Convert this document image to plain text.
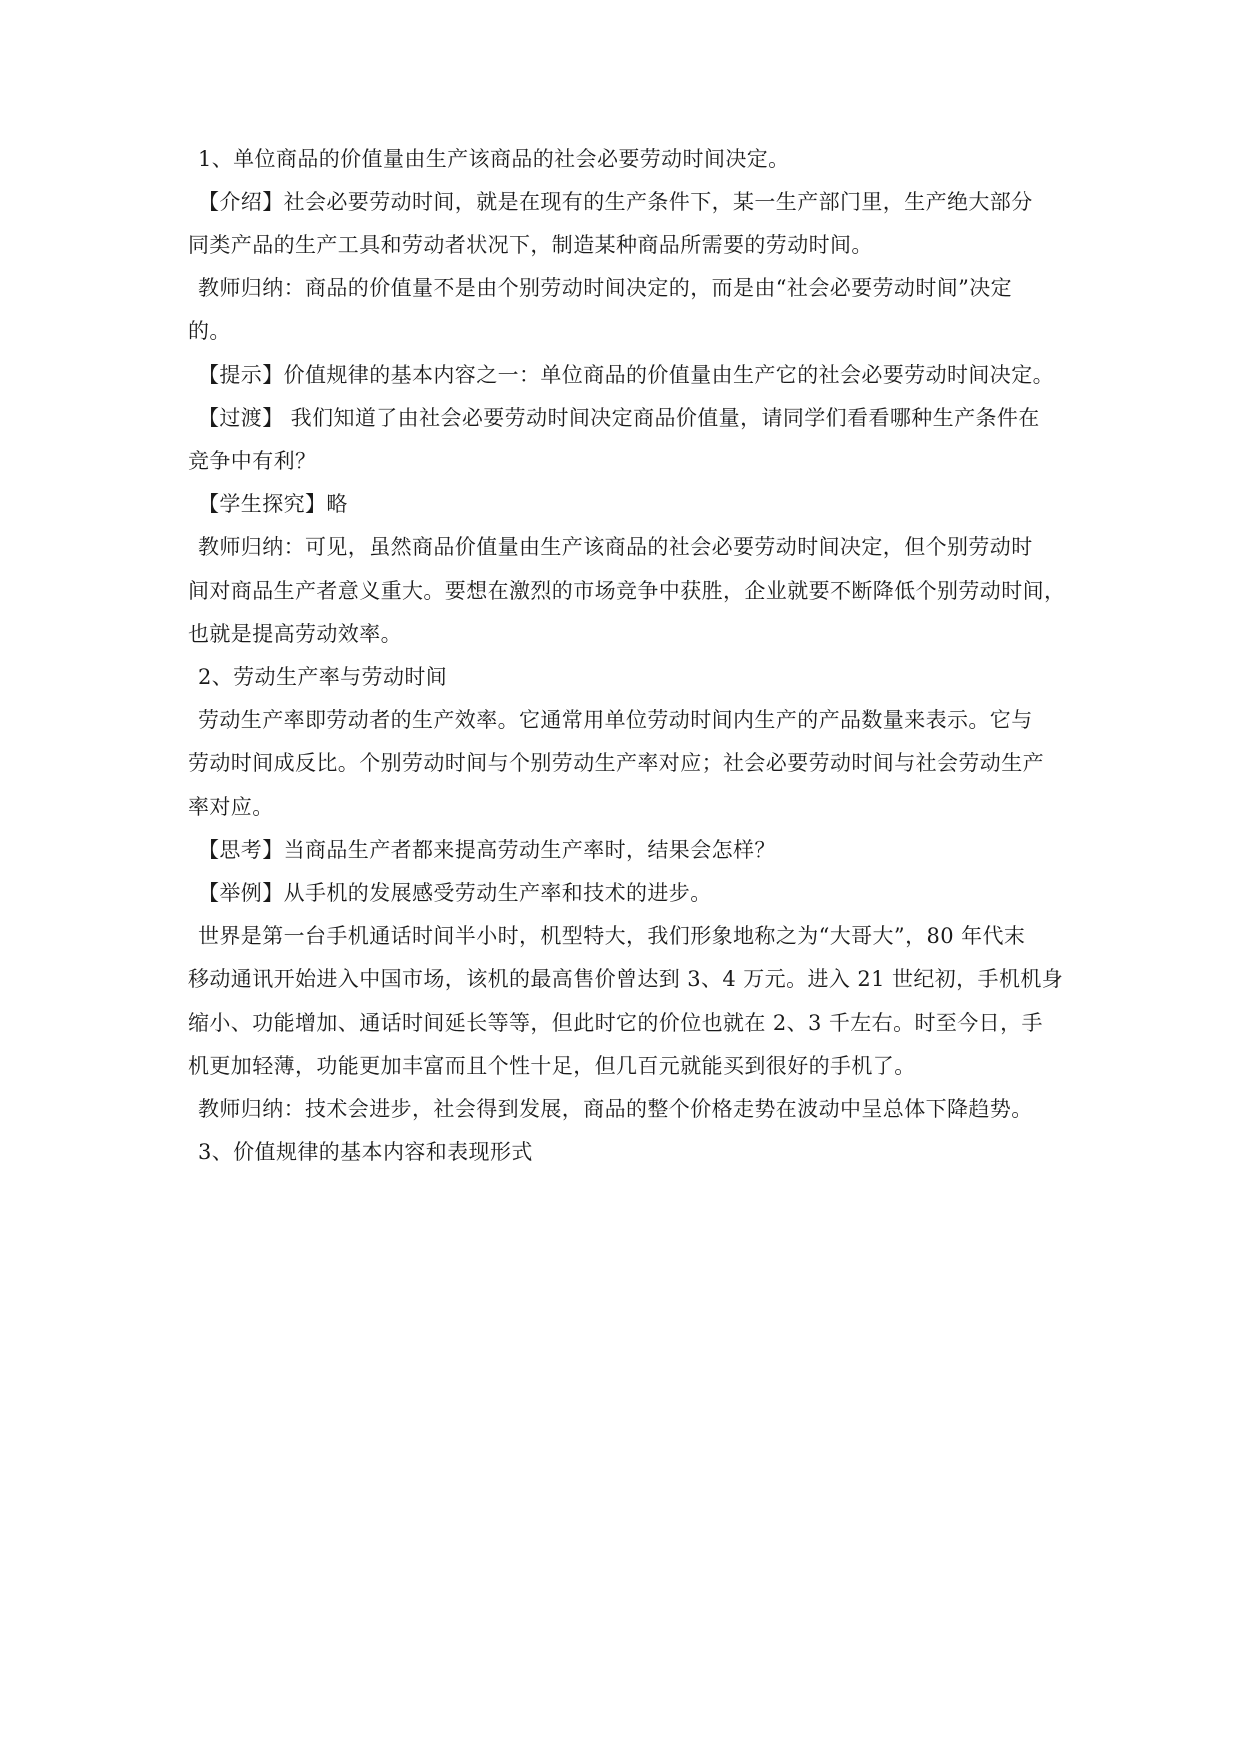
1、单位商品的价值量由生产该商品的社会必要劳动时间决定。
【介绍】社会必要劳动时间，就是在现有的生产条件下，某一生产部门里，生产绝大部分
同类产品的生产工具和劳动者状况下，制造某种商品所需要的劳动时间。
教师归纳：商品的价值量不是由个别劳动时间决定的，而是由“社会必要劳动时间”决定
的。
【提示】价值规律的基本内容之一：单位商品的价值量由生产它的社会必要劳动时间决定。
【过渡】 我们知道了由社会必要劳动时间决定商品价值量，请同学们看看哪种生产条件在
竞争中有利？
【学生探究】略
教师归纳：可见，虽然商品价值量由生产该商品的社会必要劳动时间决定，但个别劳动时
间对商品生产者意义重大。要想在激烈的市场竞争中获胜，企业就要不断降低个别劳动时间，
也就是提高劳动效率。
2、劳动生产率与劳动时间
劳动生产率即劳动者的生产效率。它通常用单位劳动时间内生产的产品数量来表示。它与
劳动时间成反比。个别劳动时间与个别劳动生产率对应；社会必要劳动时间与社会劳动生产
率对应。
【思考】当商品生产者都来提高劳动生产率时，结果会怎样？
【举例】从手机的发展感受劳动生产率和技术的进步。
世界是第一台手机通话时间半小时，机型特大，我们形象地称之为“大哥大”，80 年代末
移动通讯开始进入中国市场，该机的最高售价曾达到 3、4 万元。进入 21 世纪初，手机机身
缩小、功能增加、通话时间延长等等，但此时它的价位也就在 2、3 千左右。时至今日，手
机更加轻薄，功能更加丰富而且个性十足，但几百元就能买到很好的手机了。
教师归纳：技术会进步，社会得到发展，商品的整个价格走势在波动中呈总体下降趋势。
3、价值规律的基本内容和表现形式
